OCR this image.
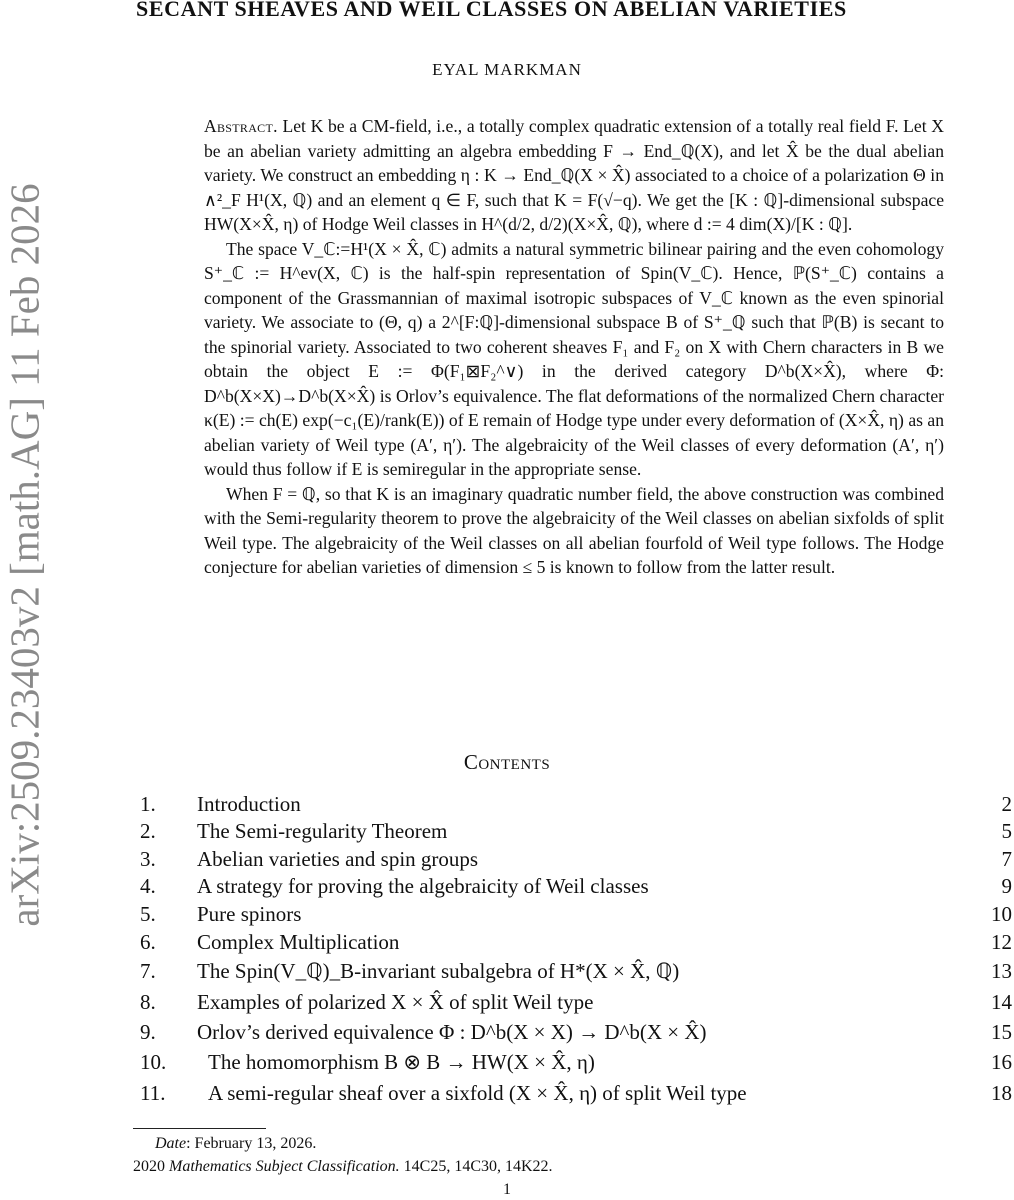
arXiv:2509.23403v2 [math.AG] 11 Feb 2026
SECANT SHEAVES AND WEIL CLASSES ON ABELIAN VARIETIES
EYAL MARKMAN

Abstract. Let K be a CM-field, i.e., a totally complex quadratic extension of a totally real field F. Let X be an abelian variety admitting an algebra embedding F → End_ℚ(X), and let X̂ be the dual abelian variety. We construct an embedding η : K → End_ℚ(X × X̂) associated to a choice of a polarization Θ in ∧²_F H¹(X, ℚ) and an element q ∈ F, such that K = F(√−q). We get the [K : ℚ]-dimensional subspace HW(X×X̂, η) of Hodge Weil classes in H^(d/2, d/2)(X×X̂, ℚ), where d := 4 dim(X)/[K : ℚ].

The space V_ℂ:=H¹(X × X̂, ℂ) admits a natural symmetric bilinear pairing and the even cohomology S⁺_ℂ := H^ev(X, ℂ) is the half-spin representation of Spin(V_ℂ). Hence, ℙ(S⁺_ℂ) contains a component of the Grassmannian of maximal isotropic subspaces of V_ℂ known as the even spinorial variety. We associate to (Θ, q) a 2^[F:ℚ]-dimensional subspace B of S⁺_ℚ such that ℙ(B) is secant to the spinorial variety. Associated to two coherent sheaves F₁ and F₂ on X with Chern characters in B we obtain the object E := Φ(F₁⊠F₂^∨) in the derived category D^b(X×X̂), where Φ: D^b(X×X)→D^b(X×X̂) is Orlov’s equivalence. The flat deformations of the normalized Chern character κ(E) := ch(E) exp(−c₁(E)/rank(E)) of E remain of Hodge type under every deformation of (X×X̂, η) as an abelian variety of Weil type (A′, η′). The algebraicity of the Weil classes of every deformation (A′, η′) would thus follow if E is semiregular in the appropriate sense.

When F = ℚ, so that K is an imaginary quadratic number field, the above construction was combined with the Semi-regularity theorem to prove the algebraicity of the Weil classes on abelian sixfolds of split Weil type. The algebraicity of the Weil classes on all abelian fourfold of Weil type follows. The Hodge conjecture for abelian varieties of dimension ≤ 5 is known to follow from the latter result.

Contents
1. Introduction	2
2. The Semi-regularity Theorem	5
3. Abelian varieties and spin groups	7
4. A strategy for proving the algebraicity of Weil classes	9
5. Pure spinors	10
6. Complex Multiplication	12
7. The Spin(V_ℚ)_B-invariant subalgebra of H*(X × X̂, ℚ)	13
8. Examples of polarized X × X̂ of split Weil type	14
9. Orlov’s derived equivalence Φ : D^b(X × X) → D^b(X × X̂)	15
10. The homomorphism B ⊗ B → HW(X × X̂, η)	16
11. A semi-regular sheaf over a sixfold (X × X̂, η) of split Weil type	18
Date: February 13, 2026.
2020 Mathematics Subject Classification. 14C25, 14C30, 14K22.
1
